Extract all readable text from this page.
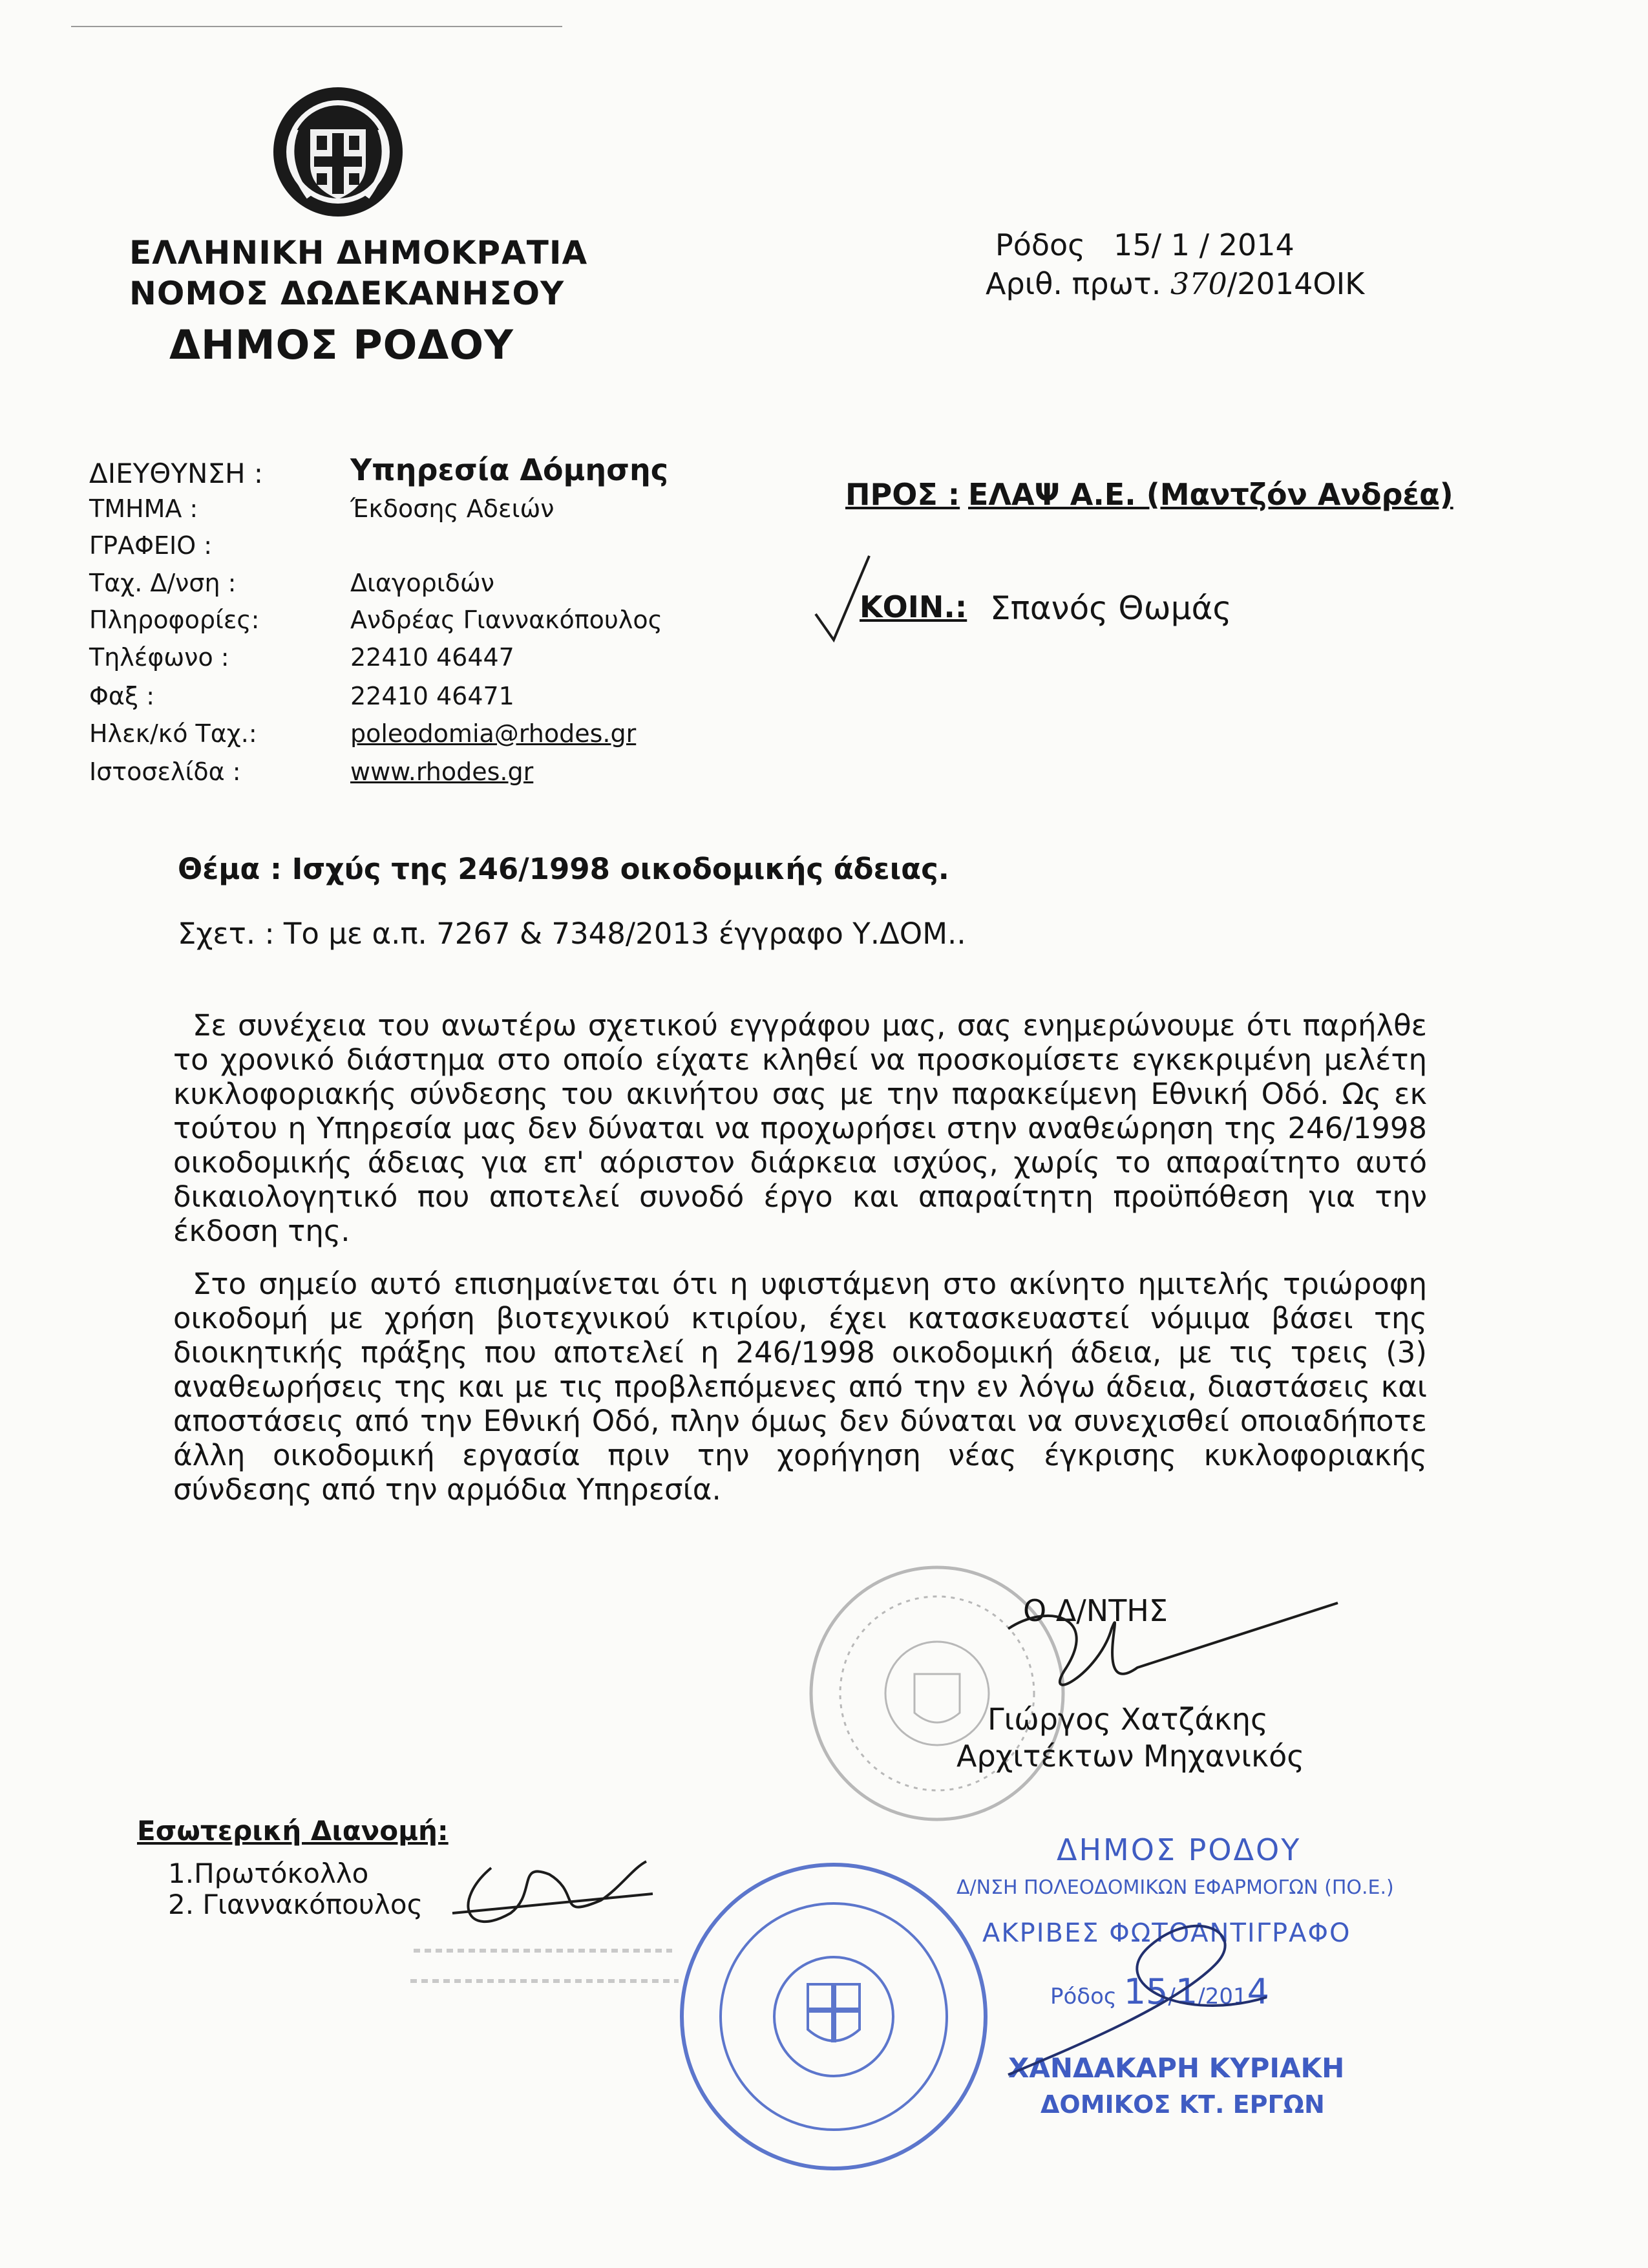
ΕΛΛΗΝΙΚΗ ΔΗΜΟΚΡΑΤΙΑ
ΝΟΜΟΣ ΔΩΔΕΚΑΝΗΣΟΥ
ΔΗΜΟΣ ΡΟΔΟΥ
Ρόδος 15/ 1 / 2014
Αριθ. πρωτ. 370/2014ΟΙΚ
ΔΙΕΥΘΥΝΣΗ :	Υπηρεσία Δόμησης
ΤΜΗΜΑ :	Έκδοσης Αδειών
ΓΡΑΦΕΙΟ :
Ταχ. Δ/νση :	Διαγοριδών
Πληροφορίες:	Ανδρέας Γιαννακόπουλος
Τηλέφωνο :	22410 46447
Φαξ :	22410 46471
Ηλεκ/κό Ταχ.:	poleodomia@rhodes.gr
Ιστοσελίδα :	www.rhodes.gr
ΠΡΟΣ : ΕΛΑΨ Α.Ε. (Μαντζόν Ανδρέα)
ΚΟΙΝ.: Σπανός Θωμάς
Θέμα : Ισχύς της 246/1998 οικοδομικής άδειας.
Σχετ. : Το με α.π. 7267 & 7348/2013 έγγραφο Υ.ΔΟΜ..
Σε συνέχεια του ανωτέρω σχετικού εγγράφου μας, σας ενημερώνουμε ότι παρήλθε το χρονικό διάστημα στο οποίο είχατε κληθεί να προσκομίσετε εγκεκριμένη μελέτη κυκλοφοριακής σύνδεσης του ακινήτου σας με την παρακείμενη Εθνική Οδό. Ως εκ τούτου η Υπηρεσία μας δεν δύναται να προχωρήσει στην αναθεώρηση της 246/1998 οικοδομικής άδειας για επ' αόριστον διάρκεια ισχύος, χωρίς το απαραίτητο αυτό δικαιολογητικό που αποτελεί συνοδό έργο και απαραίτητη προϋπόθεση για την έκδοση της.
Στο σημείο αυτό επισημαίνεται ότι η υφιστάμενη στο ακίνητο ημιτελής τριώροφη οικοδομή με χρήση βιοτεχνικού κτιρίου, έχει κατασκευαστεί νόμιμα βάσει της διοικητικής πράξης που αποτελεί η 246/1998 οικοδομική άδεια, με τις τρεις (3) αναθεωρήσεις της και με τις προβλεπόμενες από την εν λόγω άδεια, διαστάσεις και αποστάσεις από την Εθνική Οδό, πλην όμως δεν δύναται να συνεχισθεί οποιαδήποτε άλλη οικοδομική εργασία πριν την χορήγηση νέας έγκρισης κυκλοφοριακής σύνδεσης από την αρμόδια Υπηρεσία.
Ο Δ/ΝΤΗΣ
Γιώργος Χατζάκης
Αρχιτέκτων Μηχανικός
Εσωτερική Διανομή:
1.Πρωτόκολλο
2. Γιαννακόπουλος
ΔΗΜΟΣ ΡΟΔΟΥ
Δ/ΝΣΗ ΠΟΛΕΟΔΟΜΙΚΩΝ ΕΦΑΡΜΟΓΩΝ (ΠΟ.Ε.)
ΑΚΡΙΒΕΣ ΦΩΤΟΑΝΤΙΓΡΑΦΟ
Ρόδος 15/1/2014
ΧΑΝΔΑΚΑΡΗ ΚΥΡΙΑΚΗ
ΔΟΜΙΚΟΣ ΚΤ. ΕΡΓΩΝ
